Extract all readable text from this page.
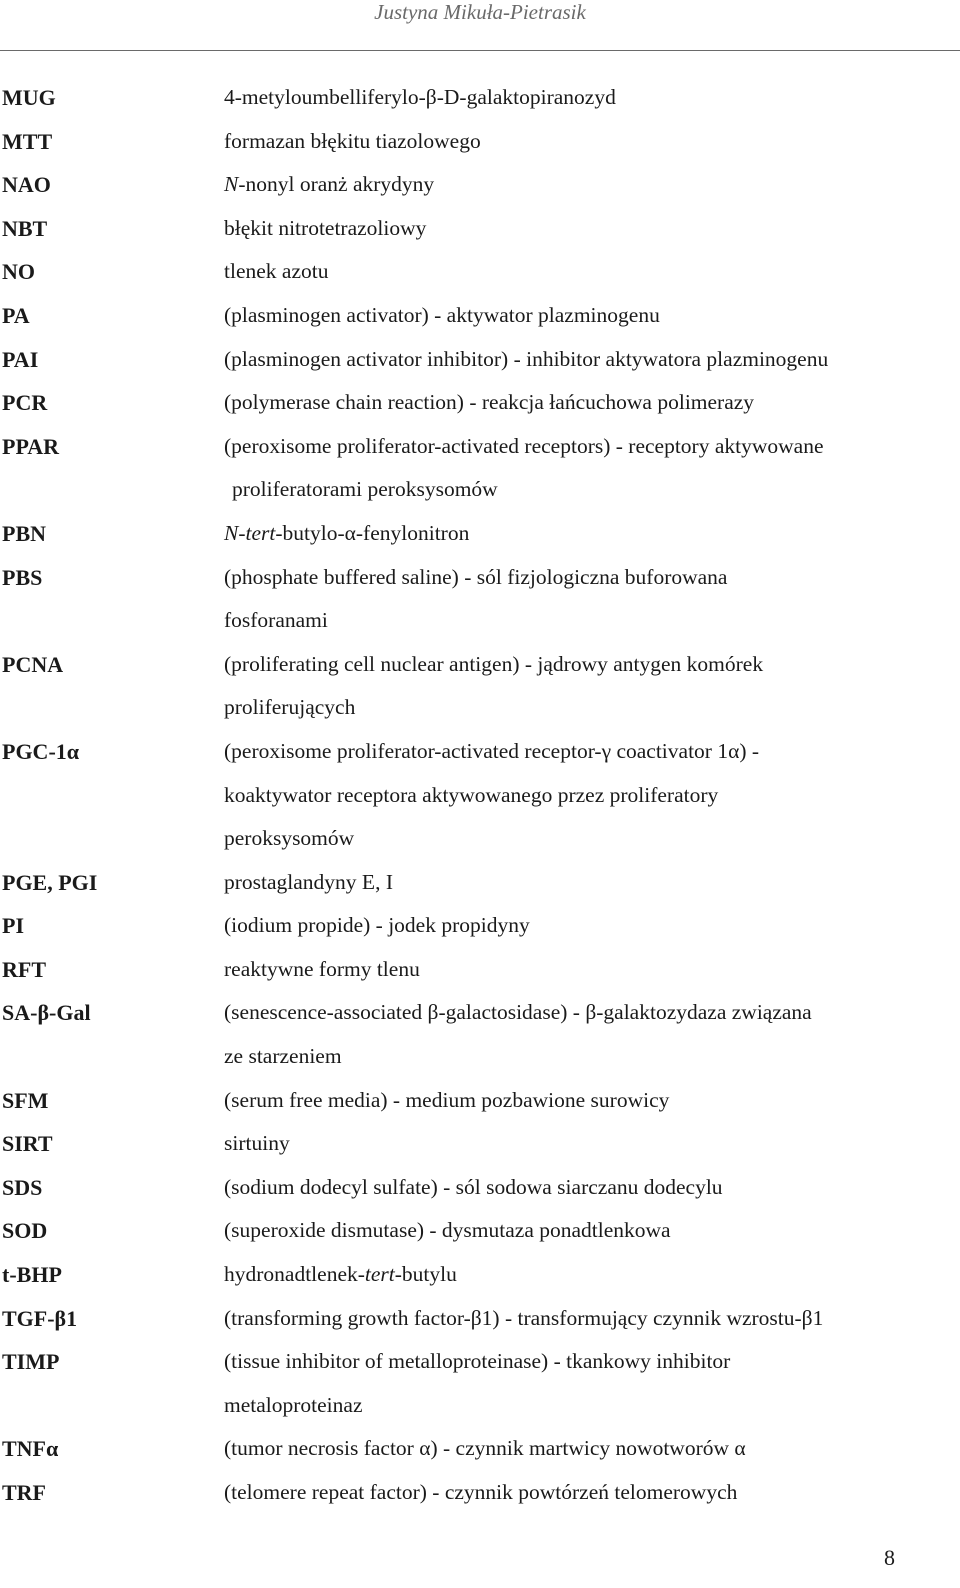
Justyna Mikuła-Pietrasik
MUG	4-metyloumbelliferylo-β-D-galaktopiranozyd
MTT	formazan błękitu tiazolowego
NAO	N-nonyl oranż akrydyny
NBT	błękit nitrotetrazoliowy
NO	tlenek azotu
PA	(plasminogen activator) - aktywator plazminogenu
PAI	(plasminogen activator inhibitor) - inhibitor aktywatora plazminogenu
PCR	(polymerase chain reaction) - reakcja łańcuchowa polimerazy
PPAR	(peroxisome proliferator-activated receptors) - receptory aktywowane
proliferatorami peroksysomów
PBN	N-tert-butylo-α-fenylonitron
PBS	(phosphate buffered saline) - sól fizjologiczna buforowana
fosforanami
PCNA	(proliferating cell nuclear antigen) - jądrowy antygen komórek
proliferujących
PGC-1α	(peroxisome proliferator-activated receptor-γ coactivator 1α) -
koaktywator receptora aktywowanego przez proliferatory
peroksysomów
PGE, PGI	prostaglandyny E, I
PI	(iodium propide) - jodek propidyny
RFT	reaktywne formy tlenu
SA-β-Gal	(senescence-associated β-galactosidase) - β-galaktozydaza związana
ze starzeniem
SFM	(serum free media) - medium pozbawione surowicy
SIRT	sirtuiny
SDS	(sodium dodecyl sulfate) - sól sodowa siarczanu dodecylu
SOD	(superoxide dismutase) - dysmutaza ponadtlenkowa
t-BHP	hydronadtlenek-tert-butylu
TGF-β1	(transforming growth factor-β1) - transformujący czynnik wzrostu-β1
TIMP	(tissue inhibitor of metalloproteinase) - tkankowy inhibitor
metaloproteinaz
TNFα	(tumor necrosis factor α) - czynnik martwicy nowotworów α
TRF	(telomere repeat factor) - czynnik powtórzeń telomerowych
8
